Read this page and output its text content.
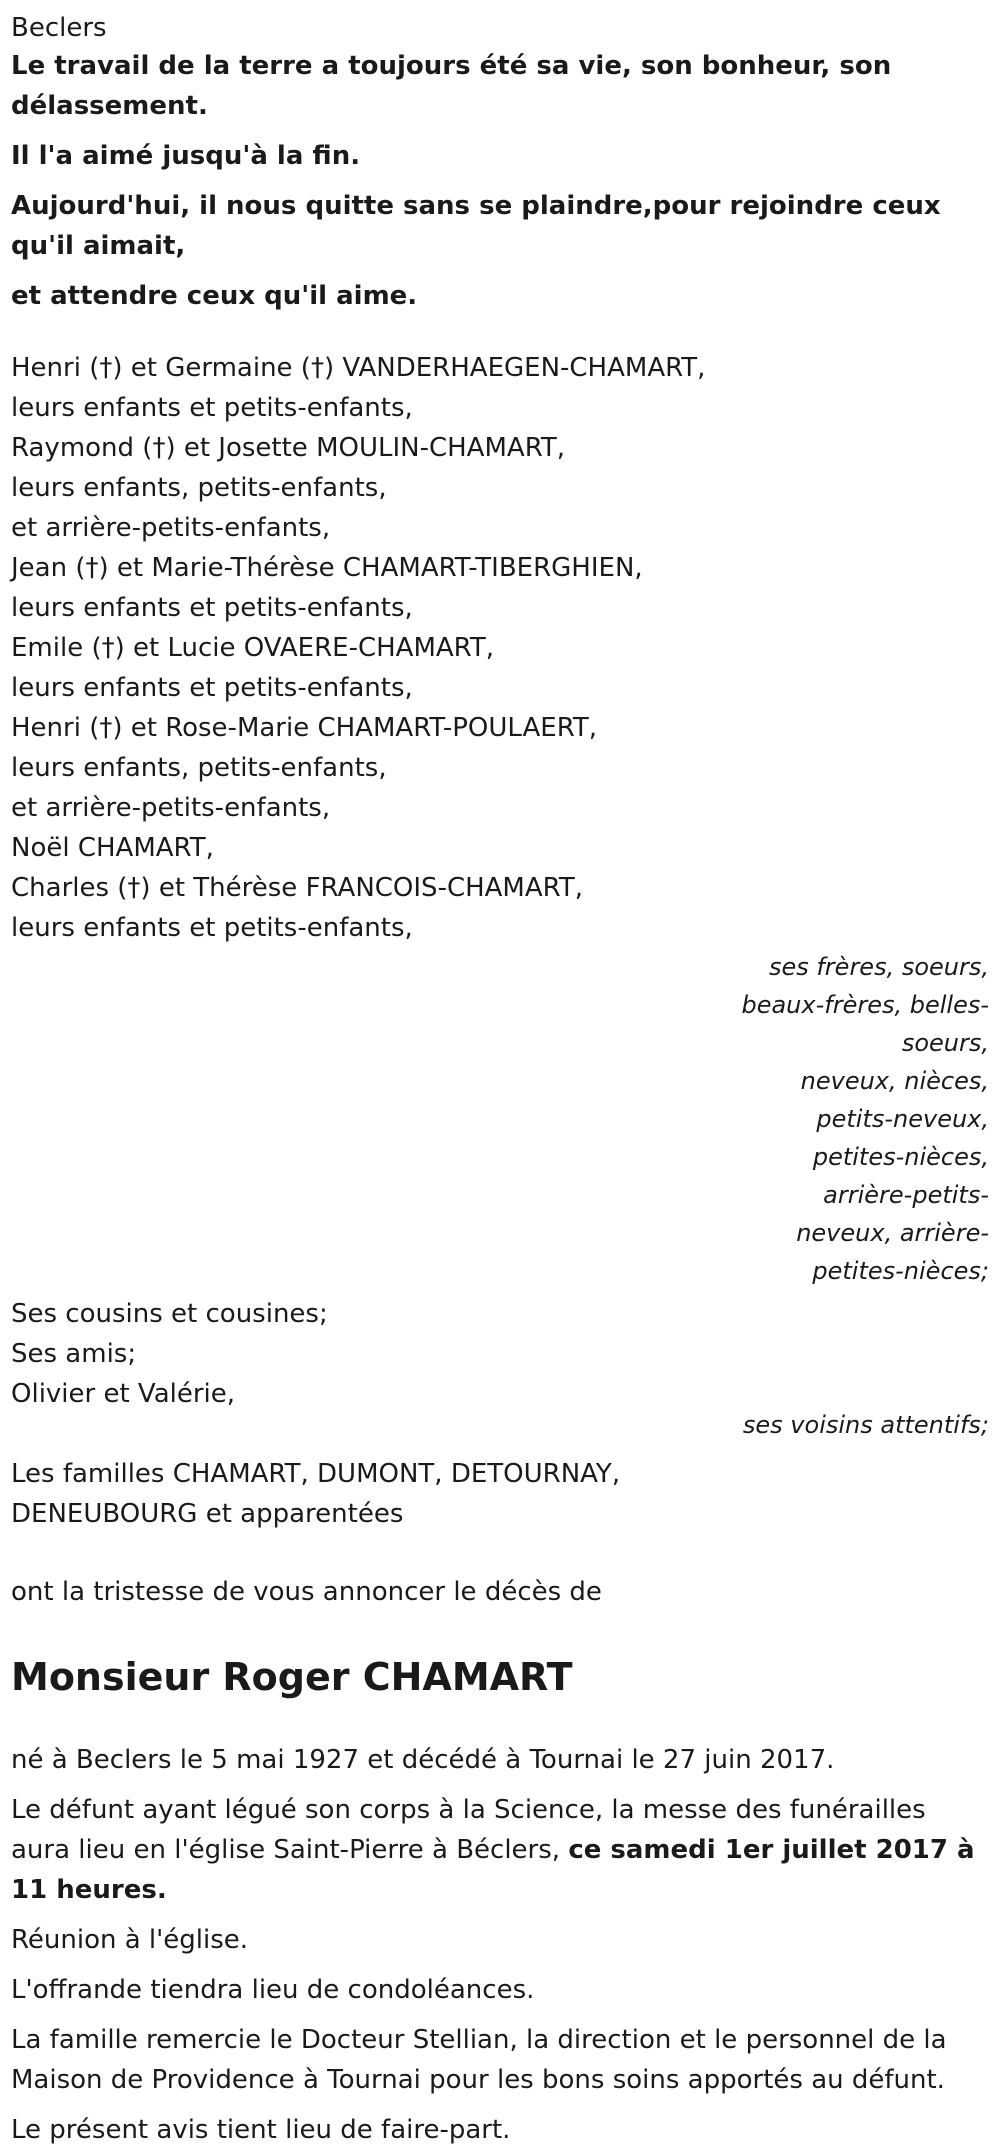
Beclers

Le travail de la terre a toujours été sa vie, son bonheur, son délassement.

Il l'a aimé jusqu'à la fin.

Aujourd'hui, il nous quitte sans se plaindre,pour rejoindre ceux qu'il aimait,

et attendre ceux qu'il aime.

Henri (†) et Germaine (†) VANDERHAEGEN-CHAMART,
leurs enfants et petits-enfants,
Raymond (†) et Josette MOULIN-CHAMART,
leurs enfants, petits-enfants,
et arrière-petits-enfants,
Jean (†) et Marie-Thérèse CHAMART-TIBERGHIEN,
leurs enfants et petits-enfants,
Emile (†) et Lucie OVAERE-CHAMART,
leurs enfants et petits-enfants,
Henri (†) et Rose-Marie CHAMART-POULAERT,
leurs enfants, petits-enfants,
et arrière-petits-enfants,
Noël CHAMART,
Charles (†) et Thérèse FRANCOIS-CHAMART,
leurs enfants et petits-enfants,
ses frères, soeurs, beaux-frères, belles-soeurs,
neveux, nièces, petits-neveux, petites-nièces,
arrière-petits-neveux, arrière-petites-nièces;
Ses cousins et cousines;
Ses amis;
Olivier et Valérie,
ses voisins attentifs;
Les familles CHAMART, DUMONT, DETOURNAY,
DENEUBOURG et apparentées
ont la tristesse de vous annoncer le décès de
Monsieur Roger CHAMART

né à Beclers le 5 mai 1927 et décédé à Tournai le 27 juin 2017.

Le défunt ayant légué son corps à la Science, la messe des funérailles aura lieu en l'église Saint-Pierre à Béclers, ce samedi 1er juillet 2017 à 11 heures.

Réunion à l'église.

L'offrande tiendra lieu de condoléances.

La famille remercie le Docteur Stellian, la direction et le personnel de la Maison de Providence à Tournai pour les bons soins apportés au défunt.

Le présent avis tient lieu de faire-part.
